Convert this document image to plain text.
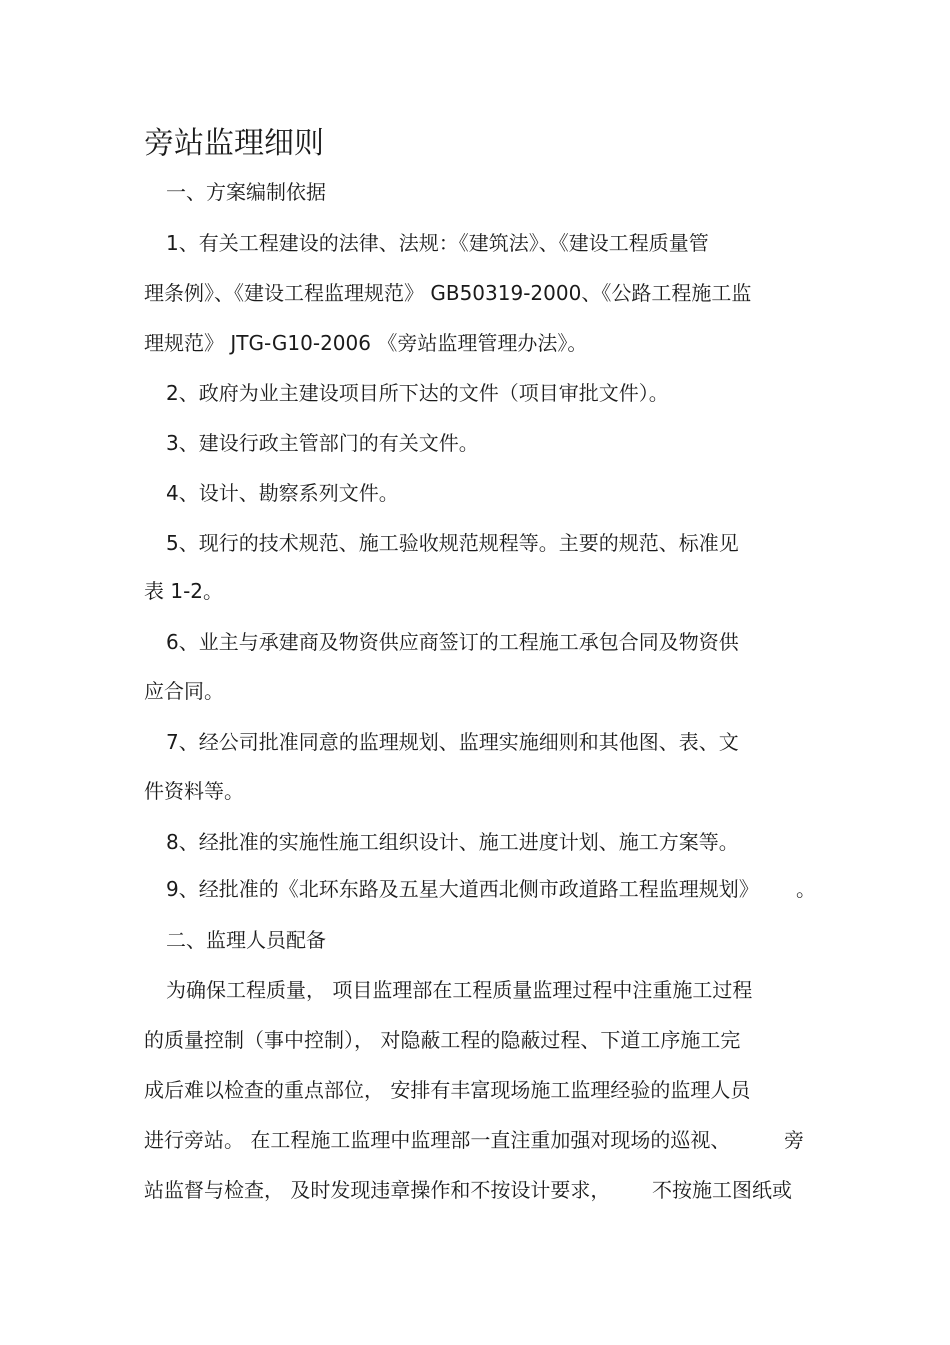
旁站监理细则
一、方案编制依据
1、有关工程建设的法律、法规：《建筑法》、《建设工程质量管
理条例》、《建设工程监理规范》 GB50319-2000、《公路工程施工监
理规范》 JTG-G10-2006 《旁站监理管理办法》。
2、政府为业主建设项目所下达的文件（项目审批文件）。
3、建设行政主管部门的有关文件。
4、设计、勘察系列文件。
5、现行的技术规范、施工验收规范规程等。主要的规范、标准见
表 1-2。
6、业主与承建商及物资供应商签订的工程施工承包合同及物资供
应合同。
7、经公司批准同意的监理规划、监理实施细则和其他图、表、文
件资料等。
8、经批准的实施性施工组织设计、施工进度计划、施工方案等。
9、经批准的《北环东路及五星大道西北侧市政道路工程监理规划》 。
二、监理人员配备
为确保工程质量， 项目监理部在工程质量监理过程中注重施工过程
的质量控制（事中控制）， 对隐蔽工程的隐蔽过程、下道工序施工完
成后难以检查的重点部位， 安排有丰富现场施工监理经验的监理人员
进行旁站。 在工程施工监理中监理部一直注重加强对现场的巡视、	旁
站监督与检查， 及时发现违章操作和不按设计要求， 不按施工图纸或
